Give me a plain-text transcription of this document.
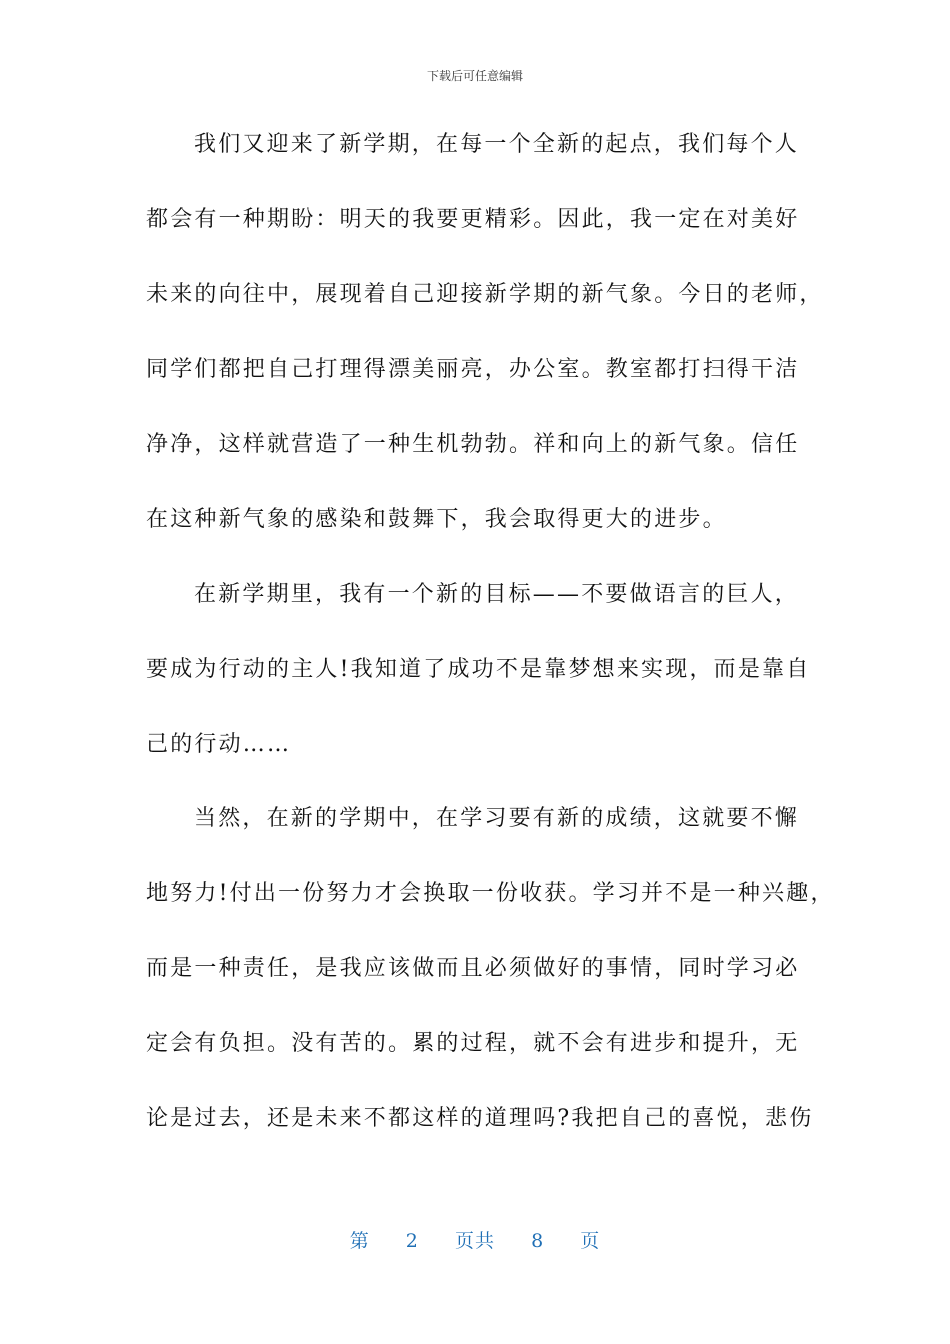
下载后可任意编辑
我们又迎来了新学期，在每一个全新的起点，我们每个人
都会有一种期盼：明天的我要更精彩。因此，我一定在对美好
未来的向往中，展现着自己迎接新学期的新气象。今日的老师，
同学们都把自己打理得漂美丽亮，办公室。教室都打扫得干洁
净净，这样就营造了一种生机勃勃。祥和向上的新气象。信任
在这种新气象的感染和鼓舞下，我会取得更大的进步。
在新学期里，我有一个新的目标——不要做语言的巨人，
要成为行动的主人!我知道了成功不是靠梦想来实现，而是靠自
己的行动……
当然，在新的学期中，在学习要有新的成绩，这就要不懈
地努力!付出一份努力才会换取一份收获。学习并不是一种兴趣，
而是一种责任，是我应该做而且必须做好的事情，同时学习必
定会有负担。没有苦的。累的过程，就不会有进步和提升，无
论是过去，还是未来不都这样的道理吗?我把自己的喜悦，悲伤
第 2 页共 8 页
